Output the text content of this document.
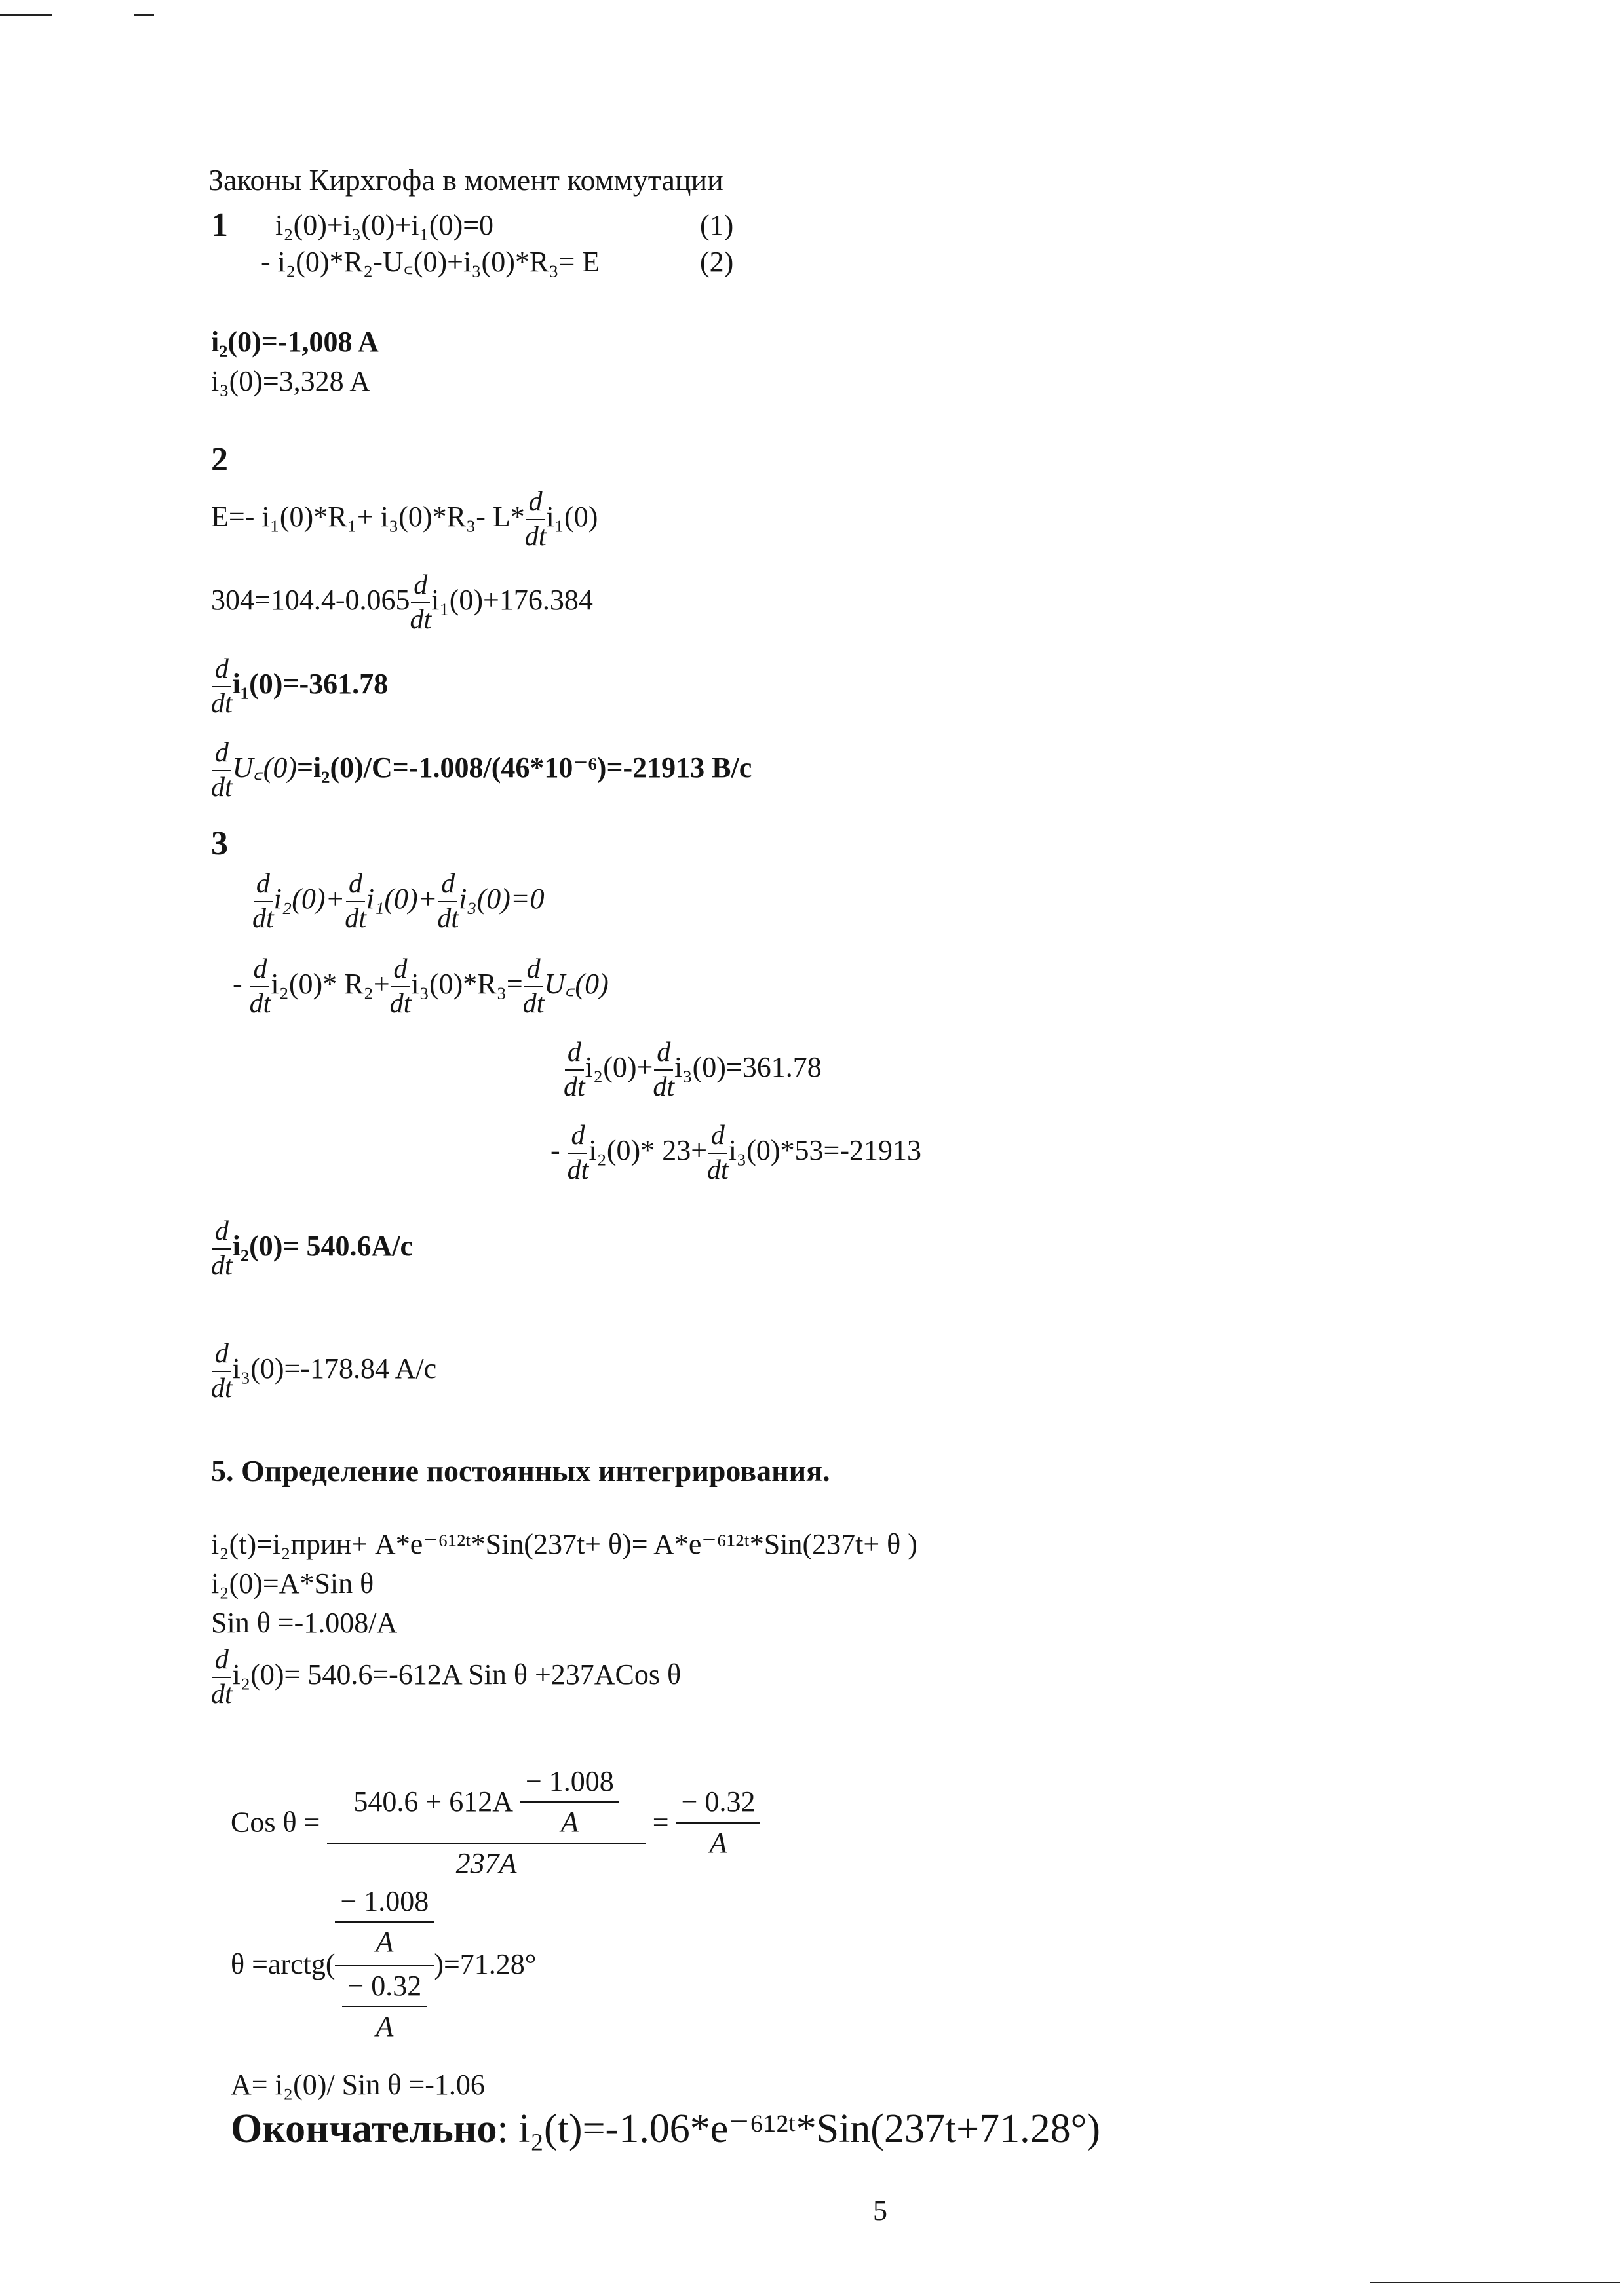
Законы Кирхгофа в момент коммутации
1 i₂(0)+i₃(0)+i₁(0)=0	(1)
- i₂(0)*R₂-U꜀(0)+i₃(0)*R₃= E	(2)
i₂(0)=-1,008 A
i₃(0)=3,328 A
2
E=- i₁(0)*R₁+ i₃(0)*R₃- $L* \frac{d}{dt} i_1(0)$
$304=104.4-0.065 \frac{d}{dt} i_1(0)+176.384$
$\frac{d}{dt} i_1(0)=-361.78$
$\frac{d}{dt}$ U꜀(0)=i₂(0)/C=-1.008/(46*10⁻⁶)=-21913 B/c
3
$\frac{d}{dt} i_2(0)+ \frac{d}{dt} i_1(0)+ \frac{d}{dt} i_3(0)=0$
- $\frac{d}{dt} i_2(0)*$ $R_2+ \frac{d}{dt} i_3(0)*R_3= \frac{d}{dt}$ U꜀(0)
$\frac{d}{dt} i_2(0)+ \frac{d}{dt} i_3(0)=361.78$
- $\frac{d}{dt} i_2(0)*$ $23+ \frac{d}{dt} i_3(0)*53=-21913$
$\frac{d}{dt} i_2(0)= 540.6A/c$
$\frac{d}{dt} i_3(0)=-178.84$ A/c
5. Определение постоянных интегрирования.
i₂(t)=i₂прин+ A*e⁻⁶¹²ᵗ*Sin(237t+ θ)= A*e⁻⁶¹²ᵗ*Sin(237t+ θ )
i₂(0)=A*Sin θ
Sin θ =-1.008/A
$\frac{d}{dt} i_2(0)= 540.6=-612A$ Sin θ +237ACos θ
Cos $\theta = \frac{540.6 + 612A \frac{- 1.008}{A}}{237A} = \frac{- 0.32}{A}$
θ =arctg( $\frac{\frac{- 1.008}{A}}{\frac{- 0.32}{A}} )=71.28^\circ$
A= i₂(0)/ Sin θ =-1.06
Окончательно: i₂(t)=-1.06*e⁻⁶¹²ᵗ*Sin(237t+71.28°)
5
